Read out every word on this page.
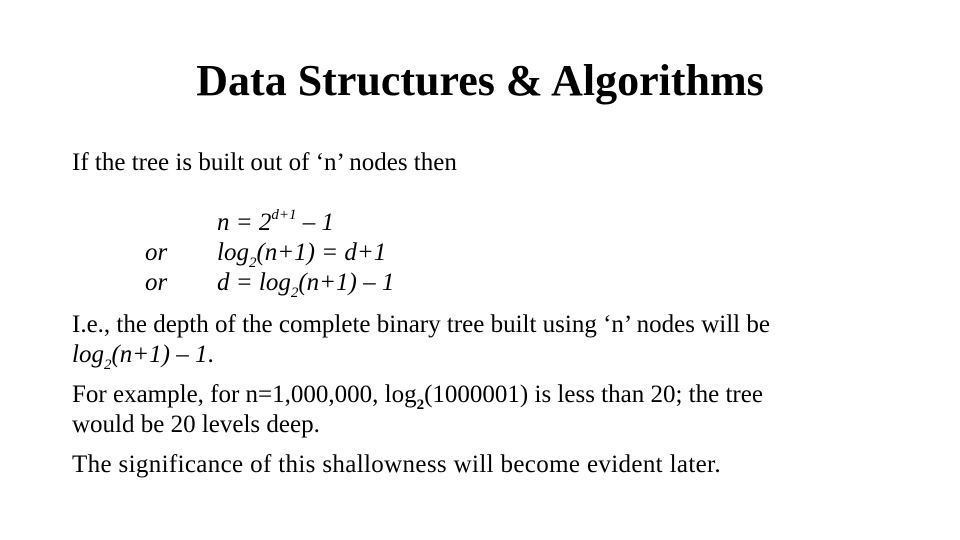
Data Structures & Algorithms
If the tree is built out of ‘n’ nodes then
$n = 2^{d+1} - 1$
or $\log_2(n+1) = d+1$
or $d = \log_2(n+1) - 1$
I.e., the depth of the complete binary tree built using ‘n’ nodes will be
$\log_2(n+1) - 1$.
For example, for n=1,000,000, $\log_2(1000001)$ is less than 20; the tree
would be 20 levels deep.
The significance of this shallowness will become evident later.
